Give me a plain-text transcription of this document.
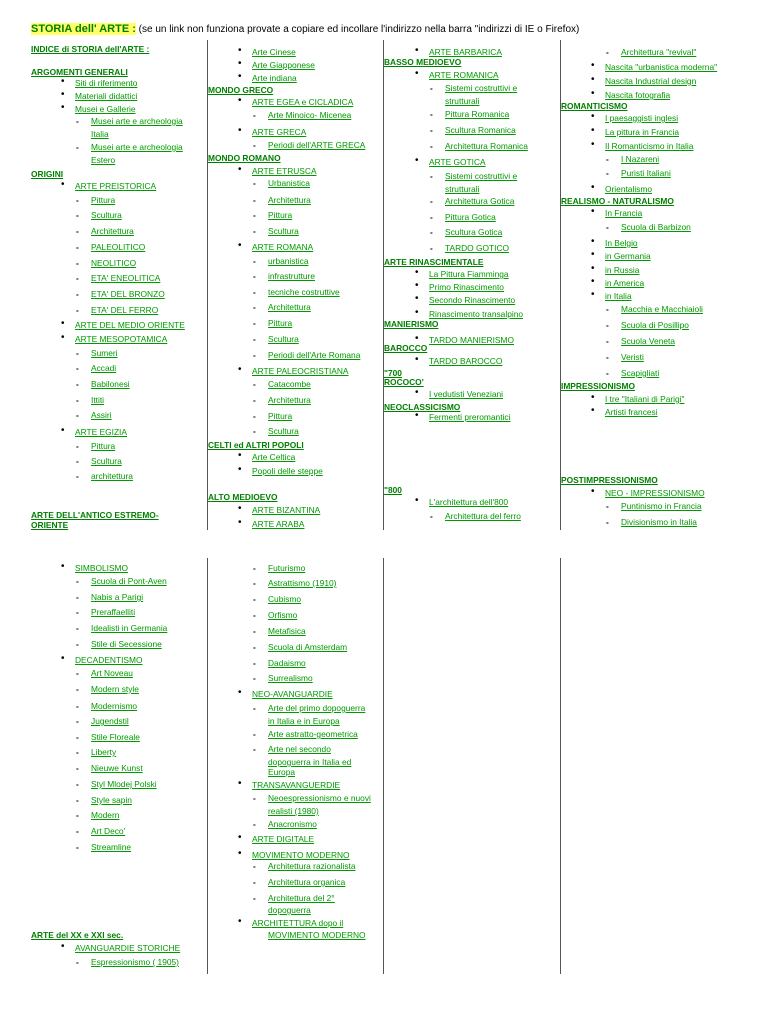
STORIA dell' ARTE : (se un link non funziona provate a copiare ed incollare l'indirizzo nella barra "indirizzi di IE o Firefox)
INDICE di STORIA dell'ARTE :
ARGOMENTI GENERALI
• Siti di riferimento
• Materiali didattici
• Musei e Gallerie
- Musei arte e archeologia
Italia
- Musei arte e archeologia
Estero
ORIGINI
• ARTE PREISTORICA
- Pittura
- Scultura
- Architettura
- PALEOLITICO
- NEOLITICO
- ETA' ENEOLITICA
- ETA' DEL BRONZO
- ETA' DEL FERRO
• ARTE DEL MEDIO ORIENTE
• ARTE MESOPOTAMICA
- Sumeri
- Accadi
- Babilonesi
- Ittiti
- Assiri
• ARTE EGIZIA
- Pittura
- Scultura
- architettura
ARTE DELL'ANTICO ESTREMO-
ORIENTE
• Arte Cinese
• Arte Giapponese
• Arte indiana
MONDO GRECO
• ARTE EGEA e CICLADICA
- Arte Minoico- Micenea
• ARTE GRECA
- Periodi dell'ARTE GRECA
MONDO ROMANO
• ARTE ETRUSCA
- Urbanistica
- Architettura
- Pittura
- Scultura
• ARTE ROMANA
- urbanistica
- infrastrutture
- tecniche costruttive
- Architettura
- Pittura
- Scultura
- Periodi dell'Arte Romana
• ARTE PALEOCRISTIANA
- Catacombe
- Architettura
- Pittura
- Scultura
CELTI ed ALTRI POPOLI
• Arte Celtica
• Popoli delle steppe
ALTO MEDIOEVO
• ARTE BIZANTINA
• ARTE ARABA
• ARTE BARBARICA
BASSO MEDIOEVO
• ARTE ROMANICA
- Sistemi costruttivi e
strutturali
- Pittura Romanica
- Scultura Romanica
- Architettura Romanica
• ARTE GOTICA
- Sistemi costruttivi e
strutturali
- Architettura Gotica
- Pittura Gotica
- Scultura Gotica
- TARDO GOTICO
ARTE RINASCIMENTALE
• La Pittura Fiamminga
• Primo Rinascimento
• Secondo Rinascimento
• Rinascimento transalpino
MANIERISMO
• TARDO MANIERISMO
BAROCCO
• TARDO BAROCCO
"700
ROCOCO'
• I vedutisti Veneziani
NEOCLASSICISMO
• Fermenti preromantici
"800
• L'architettura dell'800
- Architettura del ferro
- Architettura "revival"
• Nascita "urbanistica moderna"
• Nascita Industrial design
• Nascita fotografia
ROMANTICISMO
• I paesaggisti inglesi
• La pittura in Francia
• Il Romanticismo in Italia
- I Nazareni
- Puristi Italiani
• Orientalismo
REALISMO - NATURALISMO
• In Francia
- Scuola di Barbizon
• In Belgio
• in Germania
• in Russia
• in America
• in Italia
- Macchia e Macchiaioli
- Scuola di Posillipo
- Scuola Veneta
- Veristi
- Scapigliati
IMPRESSIONISMO
• I tre "Italiani di Parigi"
• Artisti francesi
POSTIMPRESSIONISMO
• NEO - IMPRESSIONISMO
- Puntinismo in Francia
- Divisionismo in Italia
• SIMBOLISMO
- Scuola di Pont-Aven
- Nabis a Parigi
- Preraffaelliti
- Idealisti in Germania
- Stile di Secessione
• DECADENTISMO
- Art Noveau
- Modern style
- Modernismo
- Jugendstil
- Stile Floreale
- Liberty
- Nieuwe Kunst
- Styl Mlodej Polski
- Style sapin
- Modern
- Art Deco'
- Streamline
ARTE del XX e XXI sec.
• AVANGUARDIE STORICHE
- Espressionismo ( 1905)
- Futurismo
- Astrattismo (1910)
- Cubismo
- Orfismo
- Metafisica
- Scuola di Amsterdam
- Dadaismo
- Surrealismo
• NEO-AVANGUARDIE
- Arte del primo dopoguerra
in Italia e in Europa
- Arte astratto-geometrica
- Arte nel secondo
dopoguerra in Italia ed
Europa
• TRANSAVANGUERDIE
- Neoespressionismo e nuovi
realisti (1980)
- Anacronismo
• ARTE DIGITALE
• MOVIMENTO MODERNO
- Architettura razionalista
- Architettura organica
- Architettura del 2°
dopoguerra
• ARCHITETTURA dopo il
MOVIMENTO MODERNO
